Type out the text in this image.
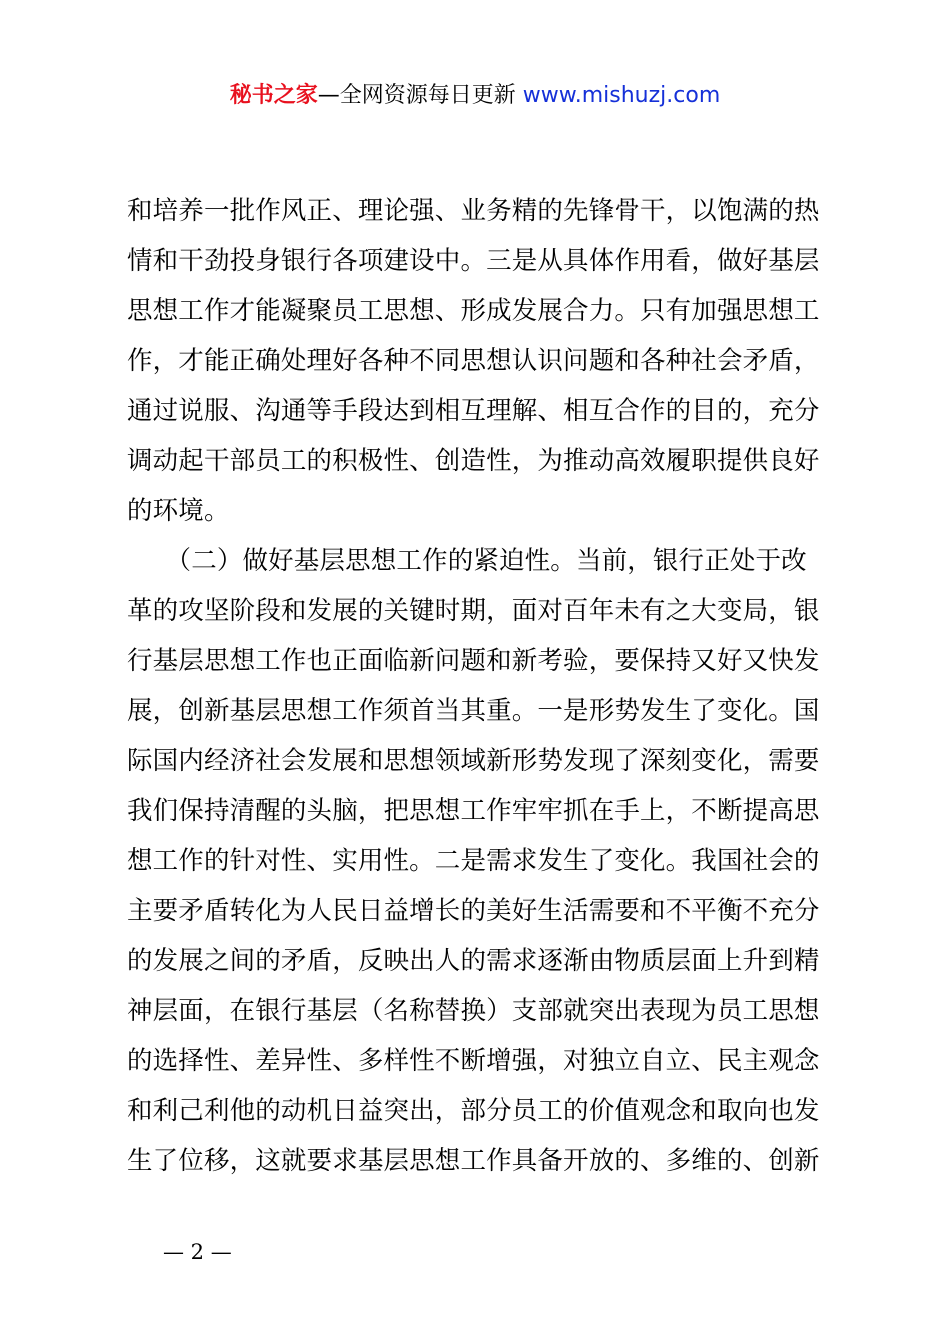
秘书之家—全网资源每日更新 www.mishuzj.com
和培养一批作风正、理论强、业务精的先锋骨干，以饱满的热
情和干劲投身银行各项建设中。三是从具体作用看，做好基层
思想工作才能凝聚员工思想、形成发展合力。只有加强思想工
作，才能正确处理好各种不同思想认识问题和各种社会矛盾，
通过说服、沟通等手段达到相互理解、相互合作的目的，充分
调动起干部员工的积极性、创造性，为推动高效履职提供良好
的环境。
　　（二）做好基层思想工作的紧迫性。当前，银行正处于改
革的攻坚阶段和发展的关键时期，面对百年未有之大变局，银
行基层思想工作也正面临新问题和新考验，要保持又好又快发
展，创新基层思想工作须首当其重。一是形势发生了变化。国
际国内经济社会发展和思想领域新形势发现了深刻变化，需要
我们保持清醒的头脑，把思想工作牢牢抓在手上，不断提高思
想工作的针对性、实用性。二是需求发生了变化。我国社会的
主要矛盾转化为人民日益增长的美好生活需要和不平衡不充分
的发展之间的矛盾，反映出人的需求逐渐由物质层面上升到精
神层面，在银行基层（名称替换）支部就突出表现为员工思想
的选择性、差异性、多样性不断增强，对独立自立、民主观念
和利己利他的动机日益突出，部分员工的价值观念和取向也发
生了位移，这就要求基层思想工作具备开放的、多维的、创新
— 2 —
